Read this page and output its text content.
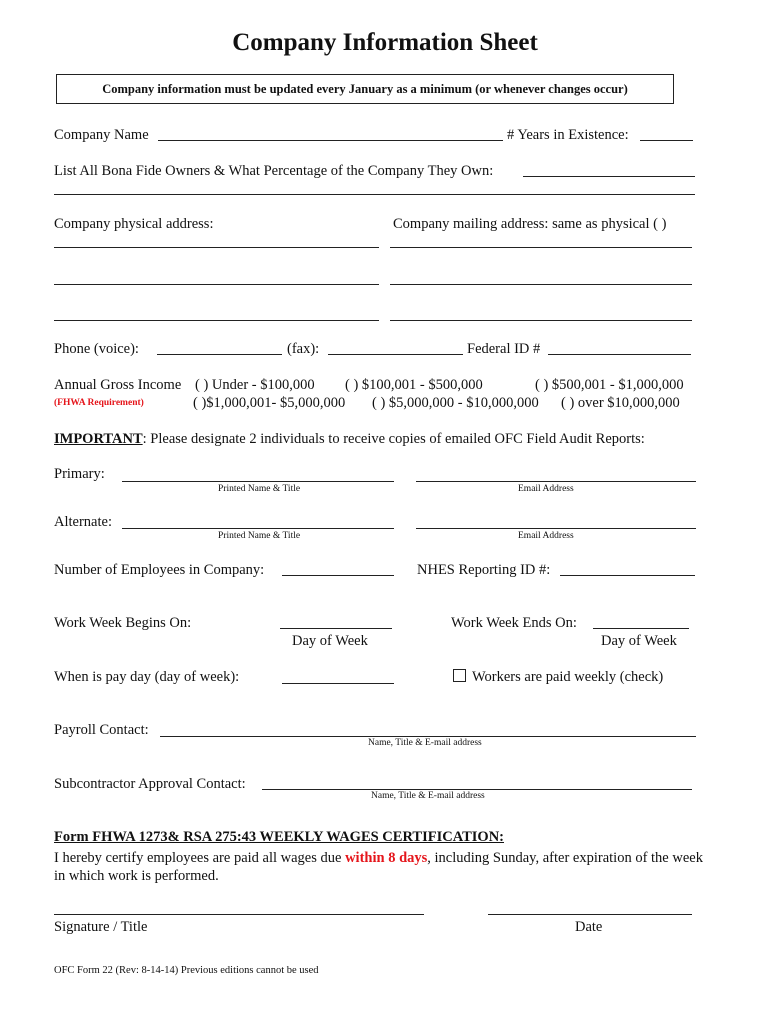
Company Information Sheet
Company information must be updated every January as a minimum (or whenever changes occur)
Company Name	# Years in Existence:
List All Bona Fide Owners & What Percentage of the Company They Own:
Company physical address:	Company mailing address: same as physical ( )
Phone (voice):	(fax):	Federal ID #
Annual Gross Income ( ) Under - $100,000 ( ) $100,001 - $500,000	( ) $500,001 - $1,000,000
(FHWA Requirement)	( )$1,000,001- $5,000,000 ( ) $5,000,000 - $10,000,000 ( ) over $10,000,000
IMPORTANT: Please designate 2 individuals to receive copies of emailed OFC Field Audit Reports:
Primary:
Printed Name & Title	Email Address
Alternate:
Printed Name & Title	Email Address
Number of Employees in Company:	NHES Reporting ID #:
Work Week Begins On:
Day of Week
Work Week Ends On:
Day of Week
When is pay day (day of week):	Workers are paid weekly (check)
Payroll Contact:
Name, Title & E-mail address
Subcontractor Approval Contact:
Name, Title & E-mail address
Form FHWA 1273& RSA 275:43 WEEKLY WAGES CERTIFICATION:
I hereby certify employees are paid all wages due within 8 days, including Sunday, after expiration of the week in which work is performed.
Signature / Title	Date
OFC Form 22 (Rev: 8-14-14) Previous editions cannot be used
